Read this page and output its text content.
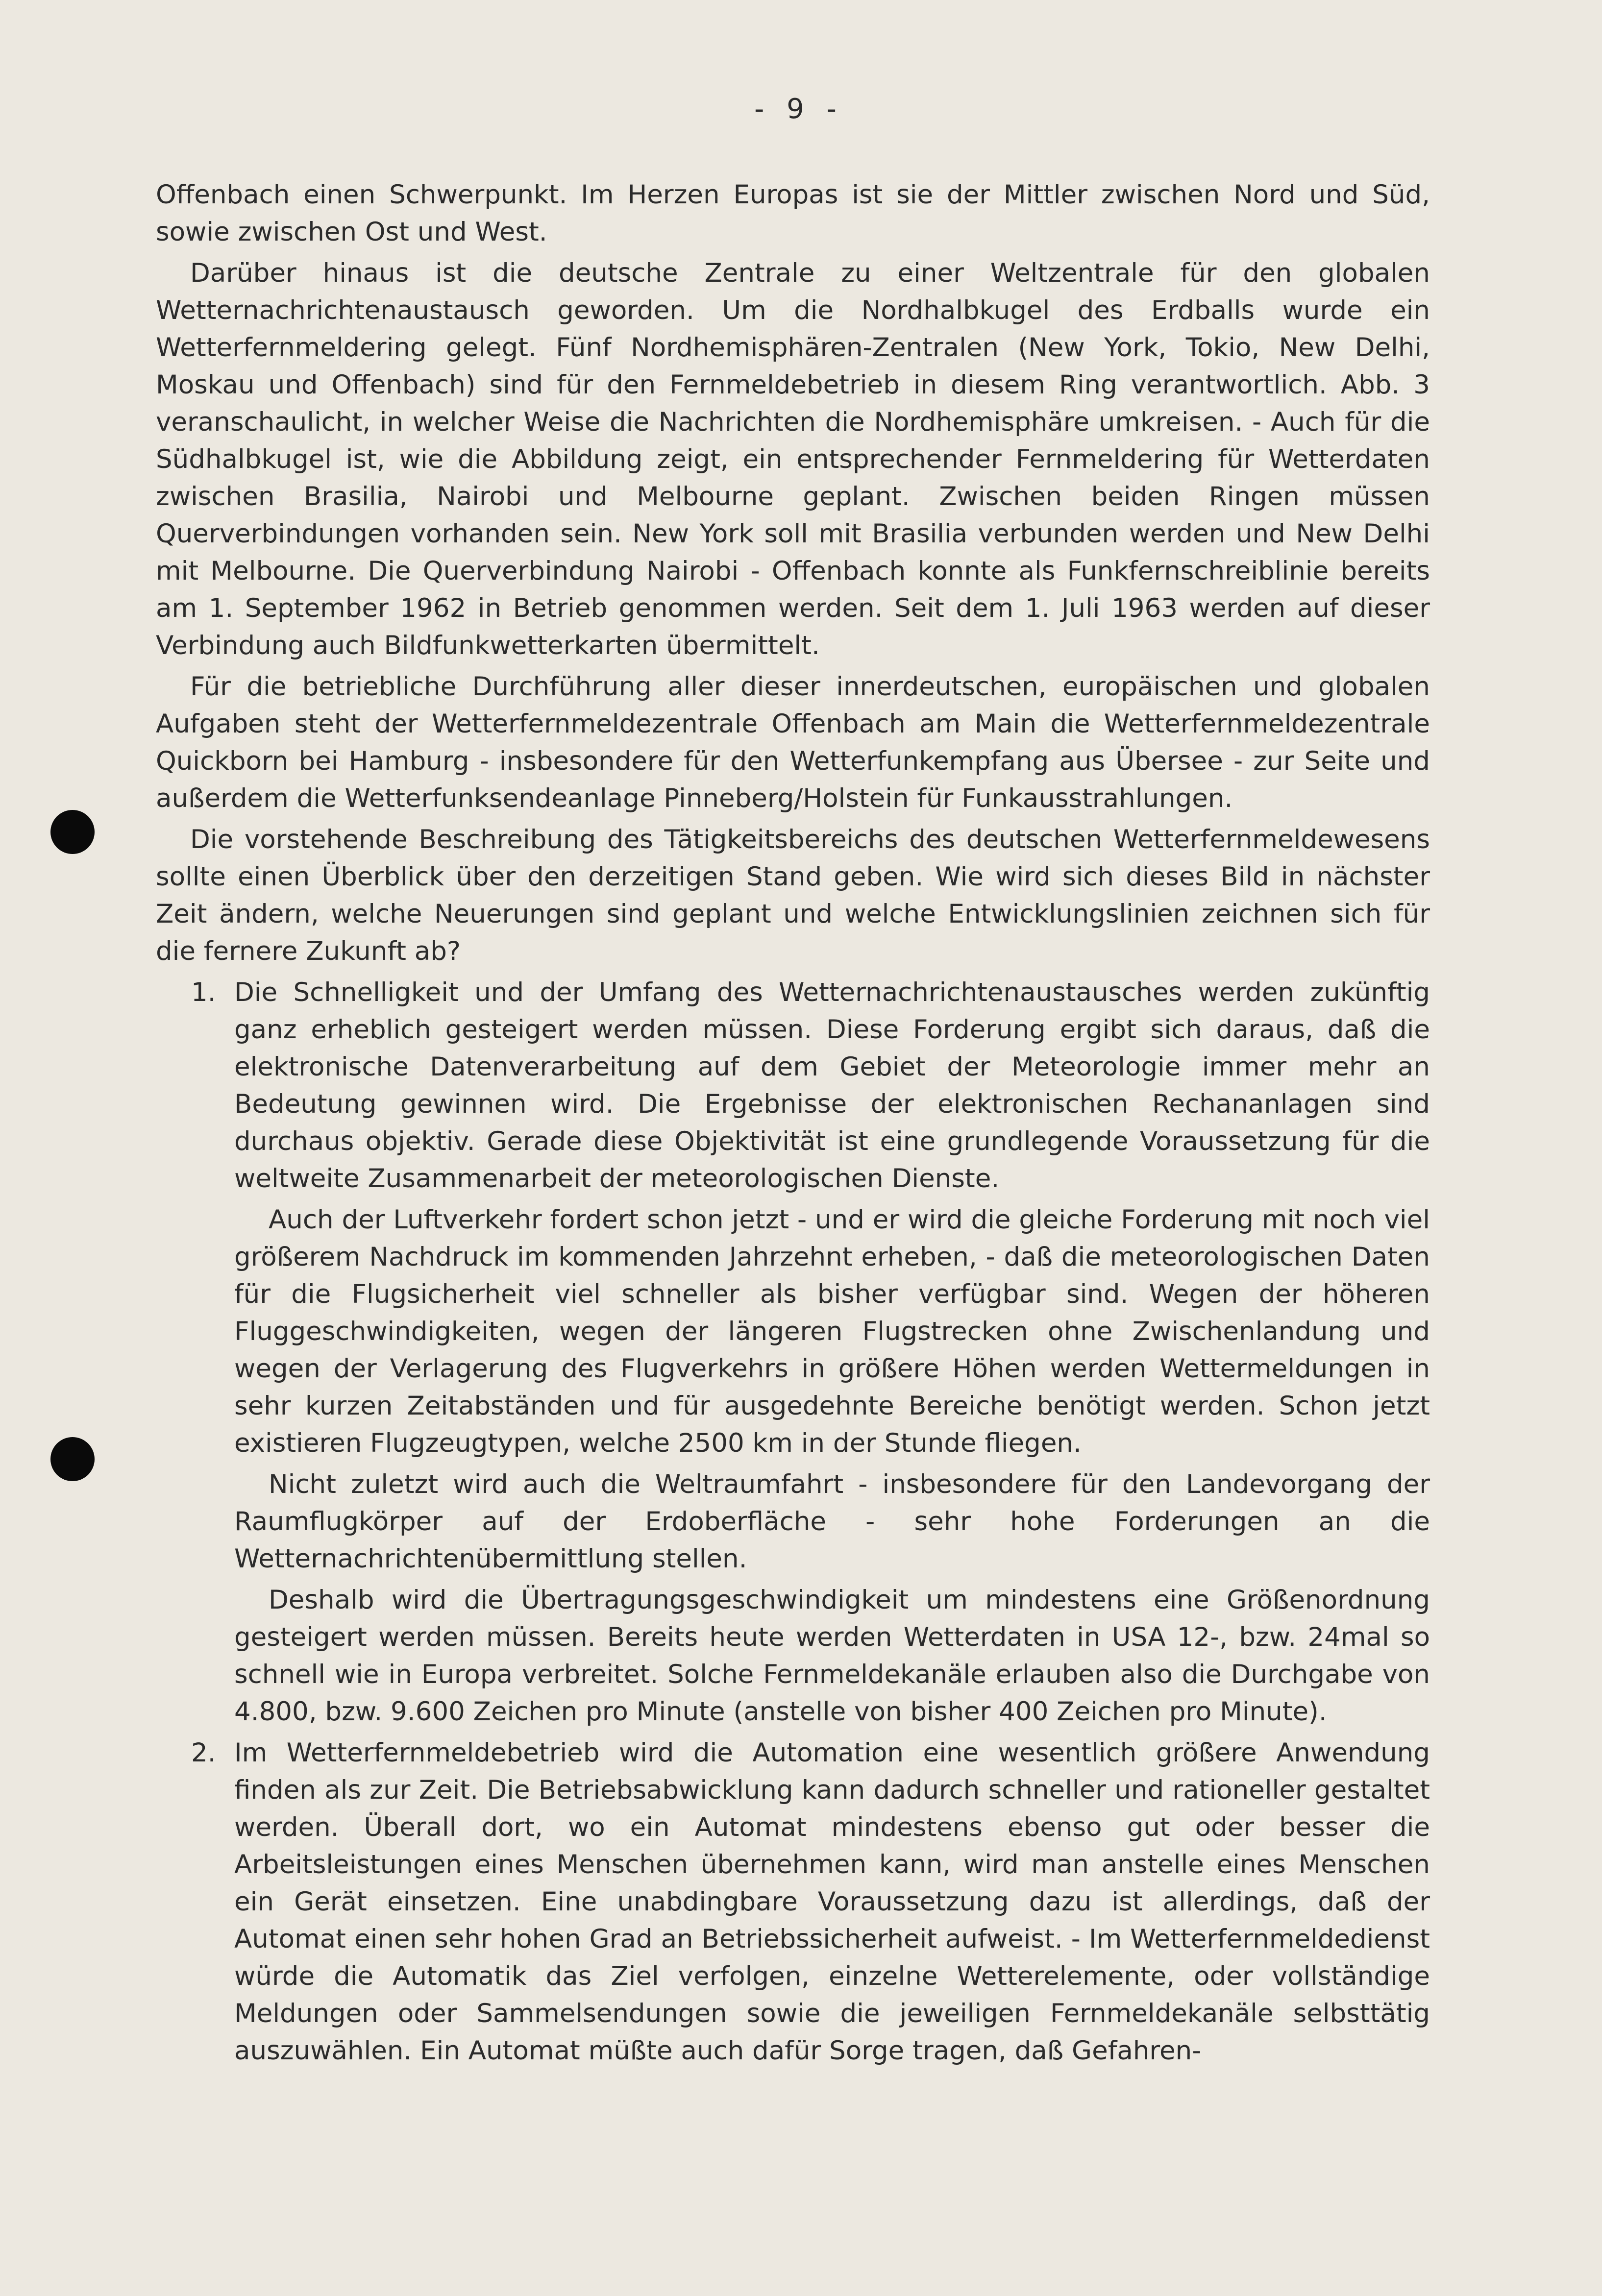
- 9 -

Offenbach einen Schwerpunkt. Im Herzen Europas ist sie der Mittler zwischen Nord und Süd, sowie zwischen Ost und West.

Darüber hinaus ist die deutsche Zentrale zu einer Weltzentrale für den globalen Wetternachrichtenaustausch geworden. Um die Nordhalbkugel des Erdballs wurde ein Wetterfernmeldering gelegt. Fünf Nordhemisphären-Zentralen (New York, Tokio, New Delhi, Moskau und Offenbach) sind für den Fernmeldebetrieb in diesem Ring verantwortlich. Abb. 3 veranschaulicht, in welcher Weise die Nachrichten die Nordhemisphäre umkreisen. - Auch für die Südhalbkugel ist, wie die Abbildung zeigt, ein entsprechender Fernmeldering für Wetterdaten zwischen Brasilia, Nairobi und Melbourne geplant. Zwischen beiden Ringen müssen Querverbindungen vorhanden sein. New York soll mit Brasilia verbunden werden und New Delhi mit Melbourne. Die Querverbindung Nairobi - Offenbach konnte als Funkfernschreiblinie bereits am 1. September 1962 in Betrieb genommen werden. Seit dem 1. Juli 1963 werden auf dieser Verbindung auch Bildfunkwetterkarten übermittelt.

Für die betriebliche Durchführung aller dieser innerdeutschen, europäischen und globalen Aufgaben steht der Wetterfernmeldezentrale Offenbach am Main die Wetterfernmeldezentrale Quickborn bei Hamburg - insbesondere für den Wetterfunkempfang aus Übersee - zur Seite und außerdem die Wetterfunksendeanlage Pinneberg/Holstein für Funkausstrahlungen.

Die vorstehende Beschreibung des Tätigkeitsbereichs des deutschen Wetterfernmeldewesens sollte einen Überblick über den derzeitigen Stand geben. Wie wird sich dieses Bild in nächster Zeit ändern, welche Neuerungen sind geplant und welche Entwicklungslinien zeichnen sich für die fernere Zukunft ab?

1. Die Schnelligkeit und der Umfang des Wetternachrichtenaustausches werden zukünftig ganz erheblich gesteigert werden müssen. Diese Forderung ergibt sich daraus, daß die elektronische Datenverarbeitung auf dem Gebiet der Meteorologie immer mehr an Bedeutung gewinnen wird. Die Ergebnisse der elektronischen Rechananlagen sind durchaus objektiv. Gerade diese Objektivität ist eine grundlegende Voraussetzung für die weltweite Zusammenarbeit der meteorologischen Dienste.

Auch der Luftverkehr fordert schon jetzt - und er wird die gleiche Forderung mit noch viel größerem Nachdruck im kommenden Jahrzehnt erheben, - daß die meteorologischen Daten für die Flugsicherheit viel schneller als bisher verfügbar sind. Wegen der höheren Fluggeschwindigkeiten, wegen der längeren Flugstrecken ohne Zwischenlandung und wegen der Verlagerung des Flugverkehrs in größere Höhen werden Wettermeldungen in sehr kurzen Zeitabständen und für ausgedehnte Bereiche benötigt werden. Schon jetzt existieren Flugzeugtypen, welche 2500 km in der Stunde fliegen.

Nicht zuletzt wird auch die Weltraumfahrt - insbesondere für den Landevorgang der Raumflugkörper auf der Erdoberfläche - sehr hohe Forderungen an die Wetternachrichtenübermittlung stellen.

Deshalb wird die Übertragungsgeschwindigkeit um mindestens eine Größenordnung gesteigert werden müssen. Bereits heute werden Wetterdaten in USA 12-, bzw. 24mal so schnell wie in Europa verbreitet. Solche Fernmeldekanäle erlauben also die Durchgabe von 4.800, bzw. 9.600 Zeichen pro Minute (anstelle von bisher 400 Zeichen pro Minute).

2. Im Wetterfernmeldebetrieb wird die Automation eine wesentlich größere Anwendung finden als zur Zeit. Die Betriebsabwicklung kann dadurch schneller und rationeller gestaltet werden. Überall dort, wo ein Automat mindestens ebenso gut oder besser die Arbeitsleistungen eines Menschen übernehmen kann, wird man anstelle eines Menschen ein Gerät einsetzen. Eine unabdingbare Voraussetzung dazu ist allerdings, daß der Automat einen sehr hohen Grad an Betriebssicherheit aufweist. - Im Wetterfernmeldedienst würde die Automatik das Ziel verfolgen, einzelne Wetterelemente, oder vollständige Meldungen oder Sammelsendungen sowie die jeweiligen Fernmeldekanäle selbsttätig auszuwählen. Ein Automat müßte auch dafür Sorge tragen, daß Gefahren-
